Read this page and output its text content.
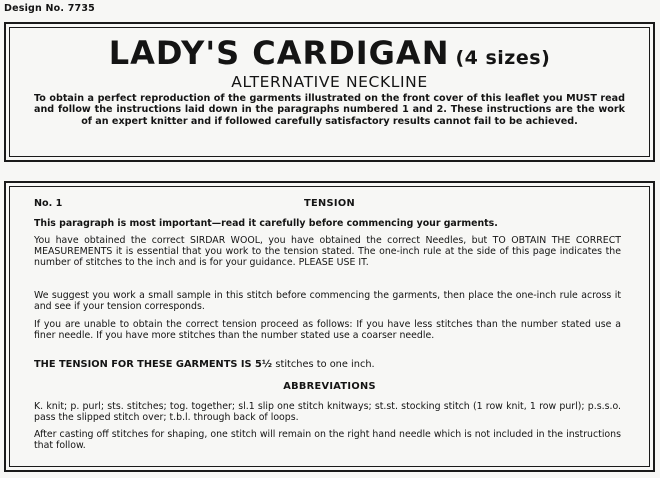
Design No. 7735
LADY'S CARDIGAN (4 sizes)
ALTERNATIVE NECKLINE
To obtain a perfect reproduction of the garments illustrated on the front cover of this leaflet you MUST read and follow the instructions laid down in the paragraphs numbered 1 and 2. These instructions are the work of an expert knitter and if followed carefully satisfactory results cannot fail to be achieved.
No. 1	TENSION
This paragraph is most important—read it carefully before commencing your garments.
You have obtained the correct SIRDAR WOOL, you have obtained the correct Needles, but TO OBTAIN THE CORRECT MEASUREMENTS it is essential that you work to the tension stated. The one-inch rule at the side of this page indicates the number of stitches to the inch and is for your guidance. PLEASE USE IT.
We suggest you work a small sample in this stitch before commencing the garments, then place the one-inch rule across it and see if your tension corresponds.
If you are unable to obtain the correct tension proceed as follows: If you have less stitches than the number stated use a finer needle. If you have more stitches than the number stated use a coarser needle.
THE TENSION FOR THESE GARMENTS IS 5½ stitches to one inch.
ABBREVIATIONS
K. knit; p. purl; sts. stitches; tog. together; sl.1 slip one stitch knitways; st.st. stocking stitch (1 row knit, 1 row purl); p.s.s.o. pass the slipped stitch over; t.b.l. through back of loops.
After casting off stitches for shaping, one stitch will remain on the right hand needle which is not included in the instructions that follow.
